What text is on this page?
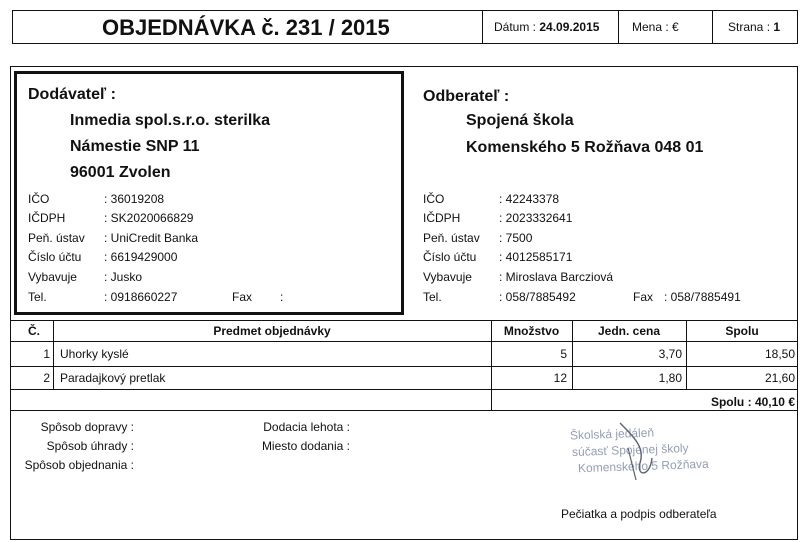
OBJEDNÁVKA č. 231 / 2015	Dátum : 24.09.2015	Mena : €	Strana : 1
Dodávateľ :
Inmedia spol.s.r.o. sterilka
Námestie SNP 11
96001 Zvolen
IČO	: 36019208
IČDPH	: SK2020066829
Peň. ústav : UniCredit Banka
Číslo účtu : 6619429000
Vybavuje : Jusko
Tel.	: 0918660227	Fax :
Odberateľ :
Spojená škola
Komenského 5 Rožňava 048 01
IČO	: 42243378
IČDPH	: 2023332641
Peň. ústav : 7500
Číslo účtu : 4012585171
Vybavuje : Miroslava Barcziová
Tel.	: 058/7885492	Fax : 058/7885491
Č.	Predmet objednávky	Množstvo	Jedn. cena	Spolu
1 Uhorky kyslé	5	3,70	18,50
2 Paradajkový pretlak	12	1,80	21,60
Spolu : 40,10 €
Spôsob dopravy :
Spôsob úhrady :
Spôsob objednania :
Dodacia lehota :
Miesto dodania :
Školská jedáleň
súčasť Spojenej školy
Komenského 5 Rožňava
Pečiatka a podpis odberateľa
